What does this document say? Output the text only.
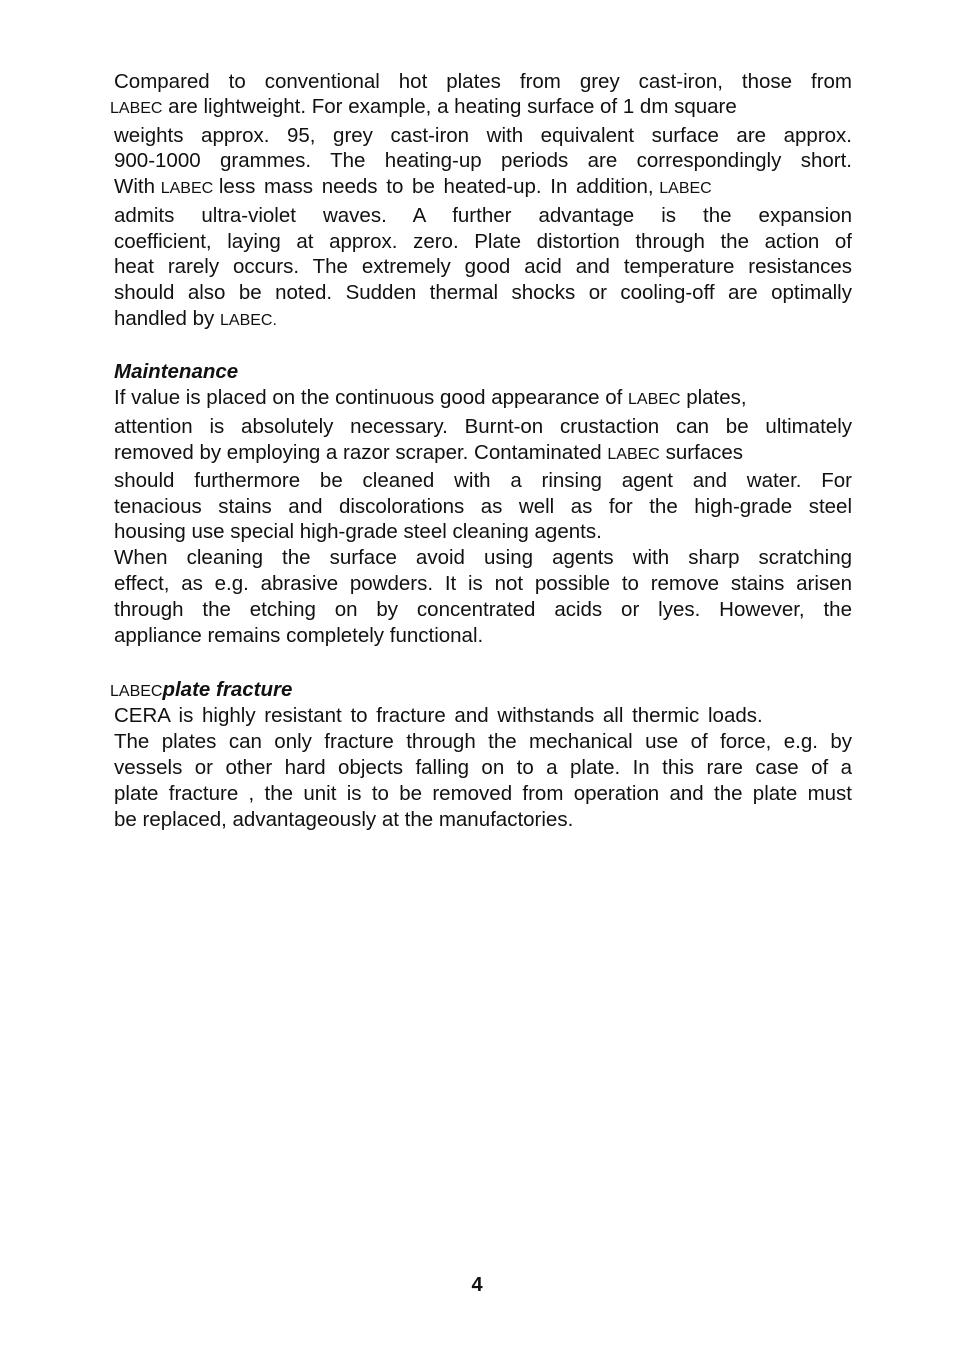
Compared to conventional hot plates from grey cast-iron, those from
LABEC are lightweight. For example, a heating surface of 1 dm square
weights approx. 95, grey cast-iron with equivalent surface are approx.
900-1000 grammes. The heating-up periods are correspondingly short.
With LABEC less mass needs to be heated-up. In addition, LABEC
admits ultra-violet waves. A further advantage is the expansion
coefficient, laying at approx. zero. Plate distortion through the action of
heat rarely occurs. The extremely good acid and temperature resistances
should also be noted. Sudden thermal shocks or cooling-off are optimally
handled by LABEC.
Maintenance
If value is placed on the continuous good appearance of LABEC plates,
attention is absolutely necessary. Burnt-on crustaction can be ultimately
removed by employing a razor scraper. Contaminated LABEC surfaces
should furthermore be cleaned with a rinsing agent and water. For
tenacious stains and discolorations as well as for the high-grade steel
housing use special high-grade steel cleaning agents.
When cleaning the surface avoid using agents with sharp scratching
effect, as e.g. abrasive powders. It is not possible to remove stains arisen
through the etching on by concentrated acids or lyes. However, the
appliance remains completely functional.
LABECplate fracture
CERA is highly resistant to fracture and withstands all thermic loads.
The plates can only fracture through the mechanical use of force, e.g. by
vessels or other hard objects falling on to a plate. In this rare case of a
plate fracture , the unit is to be removed from operation and the plate must
be replaced, advantageously at the manufactories.
4
